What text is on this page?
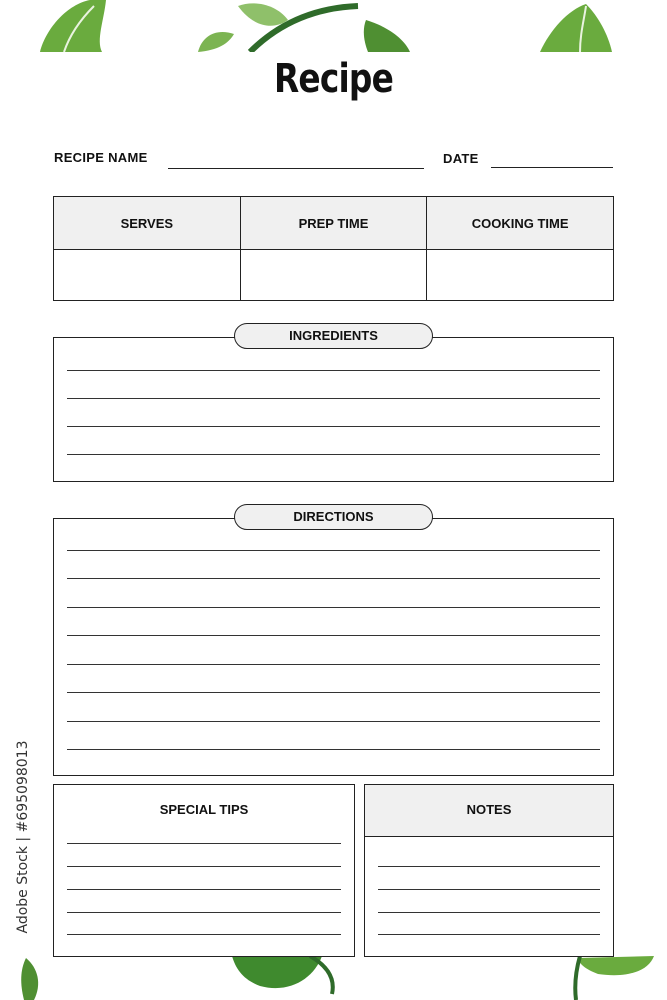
Recipe
RECIPE NAME	DATE
SERVES	PREP TIME	COOKING TIME

INGREDIENTS
DIRECTIONS
SPECIAL TIPS	NOTES
Adobe Stock | #695098013
